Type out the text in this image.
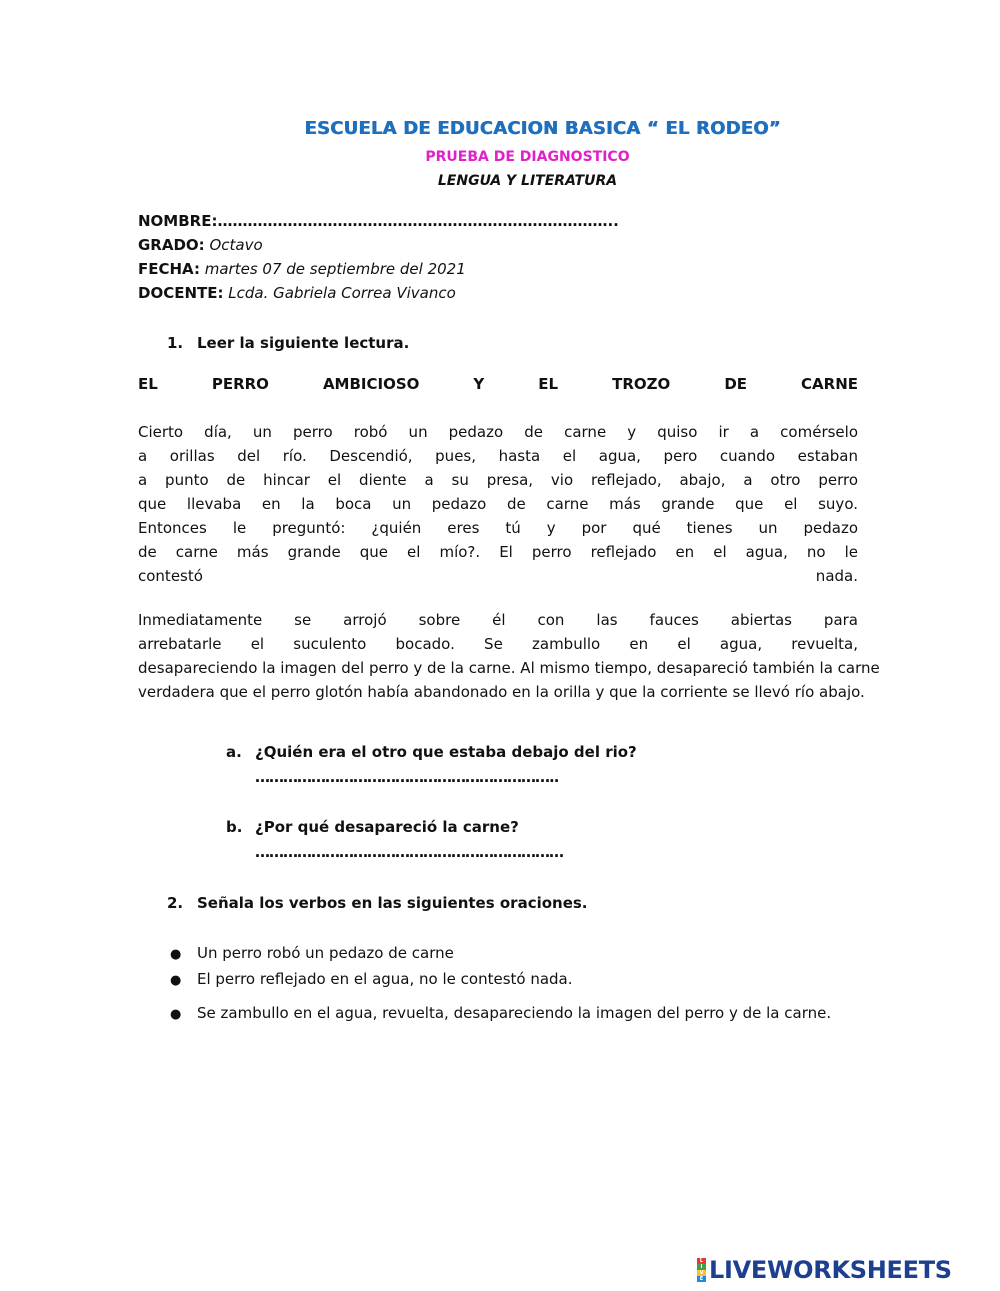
ESCUELA DE EDUCACION BASICA “ EL RODEO”
PRUEBA DE DIAGNOSTICO
LENGUA Y LITERATURA
NOMBRE:……………………………………………………………………..
GRADO: Octavo
FECHA: martes 07 de septiembre del 2021
DOCENTE: Lcda. Gabriela Correa Vivanco
1. Leer la siguiente lectura.
EL	PERRO	AMBICIOSO	Y	EL	TROZO	DE	CARNE
Cierto día, un perro robó un pedazo de carne y quiso ir a comérselo
a orillas del río. Descendió, pues, hasta el agua, pero cuando estaban
a punto de hincar el diente a su presa, vio reflejado, abajo, a otro perro
que llevaba en la boca un pedazo de carne más grande que el suyo.
Entonces le preguntó: ¿quién eres tú y por qué tienes un pedazo
de carne más grande que el mío?. El perro reflejado en el agua, no le
contestó nada.
Inmediatamente se arrojó sobre él con las fauces abiertas para
arrebatarle el suculento bocado. Se zambullo en el agua, revuelta,
desapareciendo la imagen del perro y de la carne. Al mismo tiempo, desapareció también la carne
verdadera que el perro glotón había abandonado en la orilla y que la corriente se llevó río abajo.
a. ¿Quién era el otro que estaba debajo del rio?
………………………………………………………..
b. ¿Por qué desapareció la carne?
…………………………………………………………
2. Señala los verbos en las siguientes oraciones.
● Un perro robó un pedazo de carne
● El perro reflejado en el agua, no le contestó nada.
● Se zambullo en el agua, revuelta, desapareciendo la imagen del perro y de la carne.
L
I
V
E LIVEWORKSHEETS
